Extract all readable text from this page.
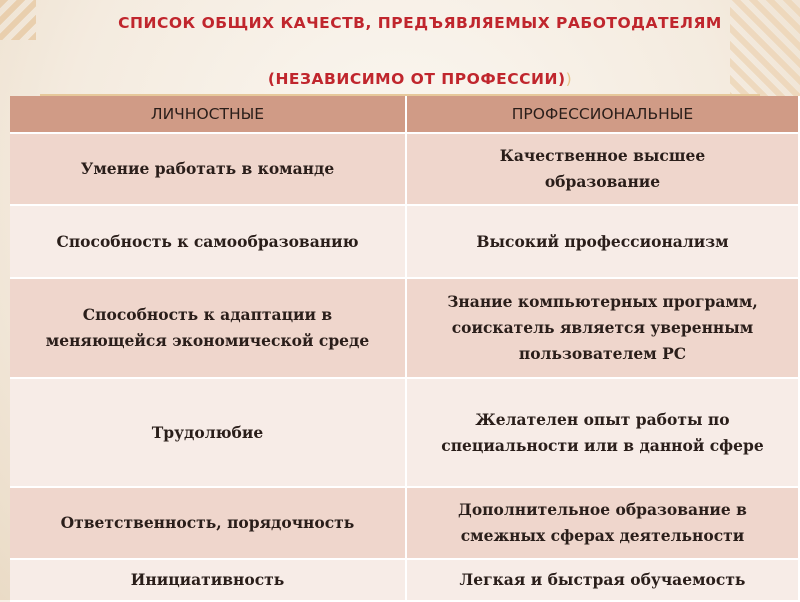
СПИСОК ОБЩИХ КАЧЕСТВ, ПРЕДЪЯВЛЯЕМЫХ РАБОТОДАТЕЛЯМ
(НЕЗАВИСИМО ОТ ПРОФЕССИИ))
ЛИЧНОСТНЫЕ	ПРОФЕССИОНАЛЬНЫЕ
Умение работать в команде	Качественное высшее образование
Способность к самообразованию	Высокий профессионализм
Способность к адаптации в меняющейся экономической среде	Знание компьютерных программ, соискатель является уверенным пользователем PC
Трудолюбие	Желателен опыт работы по специальности или в данной сфере
Ответственность, порядочность	Дополнительное образование в смежных сферах деятельности
Инициативность	Легкая и быстрая обучаемость
